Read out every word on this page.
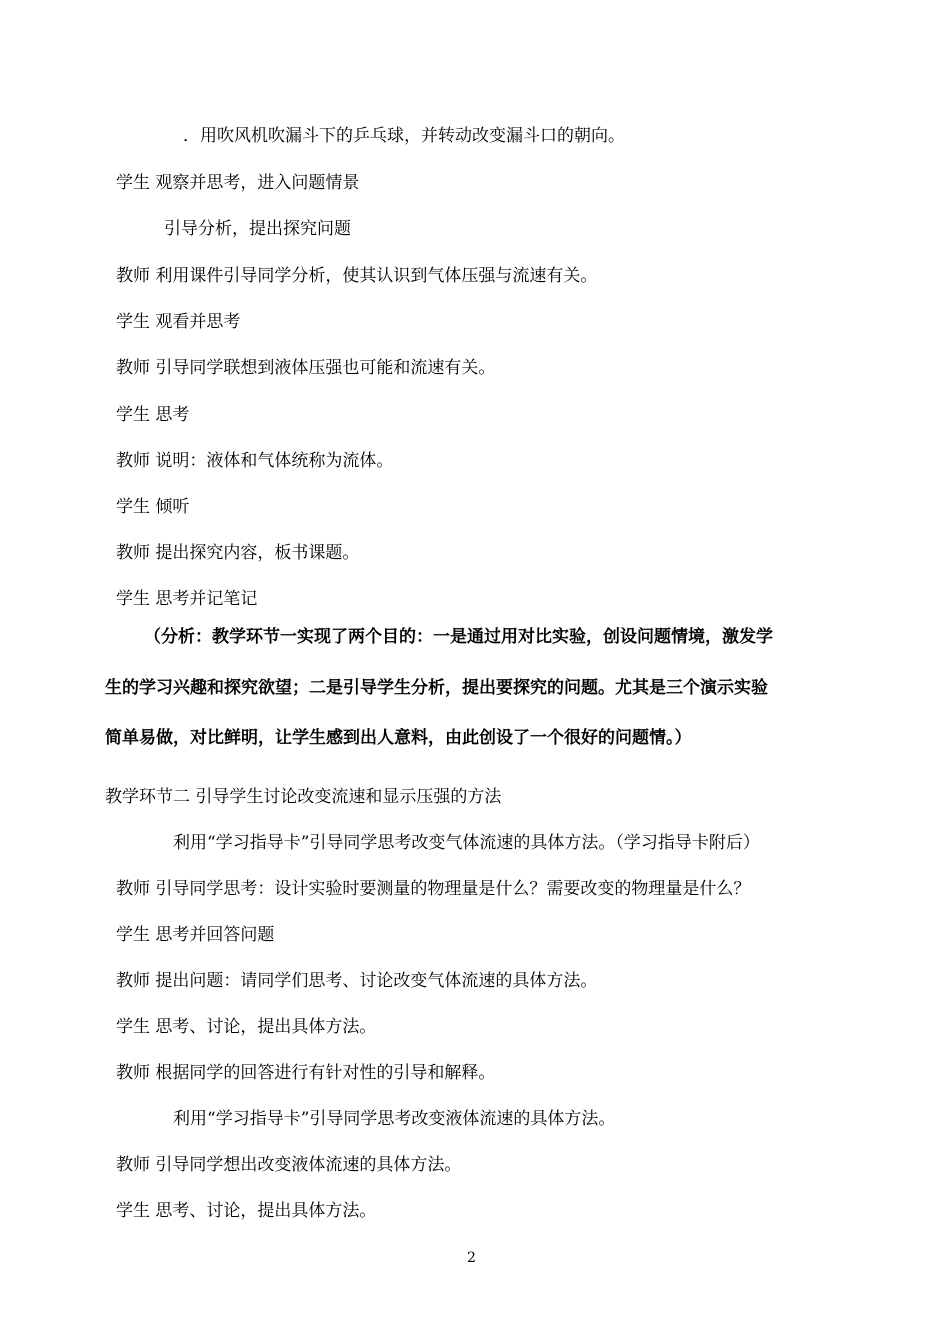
．用吹风机吹漏斗下的乒乓球，并转动改变漏斗口的朝向。
学生 观察并思考，进入问题情景
引导分析，提出探究问题
教师 利用课件引导同学分析，使其认识到气体压强与流速有关。
学生 观看并思考
教师 引导同学联想到液体压强也可能和流速有关。
学生 思考
教师 说明：液体和气体统称为流体。
学生 倾听
教师 提出探究内容，板书课题。
学生 思考并记笔记
（分析：教学环节一实现了两个目的：一是通过用对比实验，创设问题情境，激发学
生的学习兴趣和探究欲望；二是引导学生分析，提出要探究的问题。尤其是三个演示实验
简单易做，对比鲜明，让学生感到出人意料，由此创设了一个很好的问题情。）
教学环节二 引导学生讨论改变流速和显示压强的方法
利用“学习指导卡”引导同学思考改变气体流速的具体方法。（学习指导卡附后）
教师 引导同学思考：设计实验时要测量的物理量是什么？需要改变的物理量是什么？
学生 思考并回答问题
教师 提出问题：请同学们思考、讨论改变气体流速的具体方法。
学生 思考、讨论，提出具体方法。
教师 根据同学的回答进行有针对性的引导和解释。
利用“学习指导卡”引导同学思考改变液体流速的具体方法。
教师 引导同学想出改变液体流速的具体方法。
学生 思考、讨论，提出具体方法。
2
